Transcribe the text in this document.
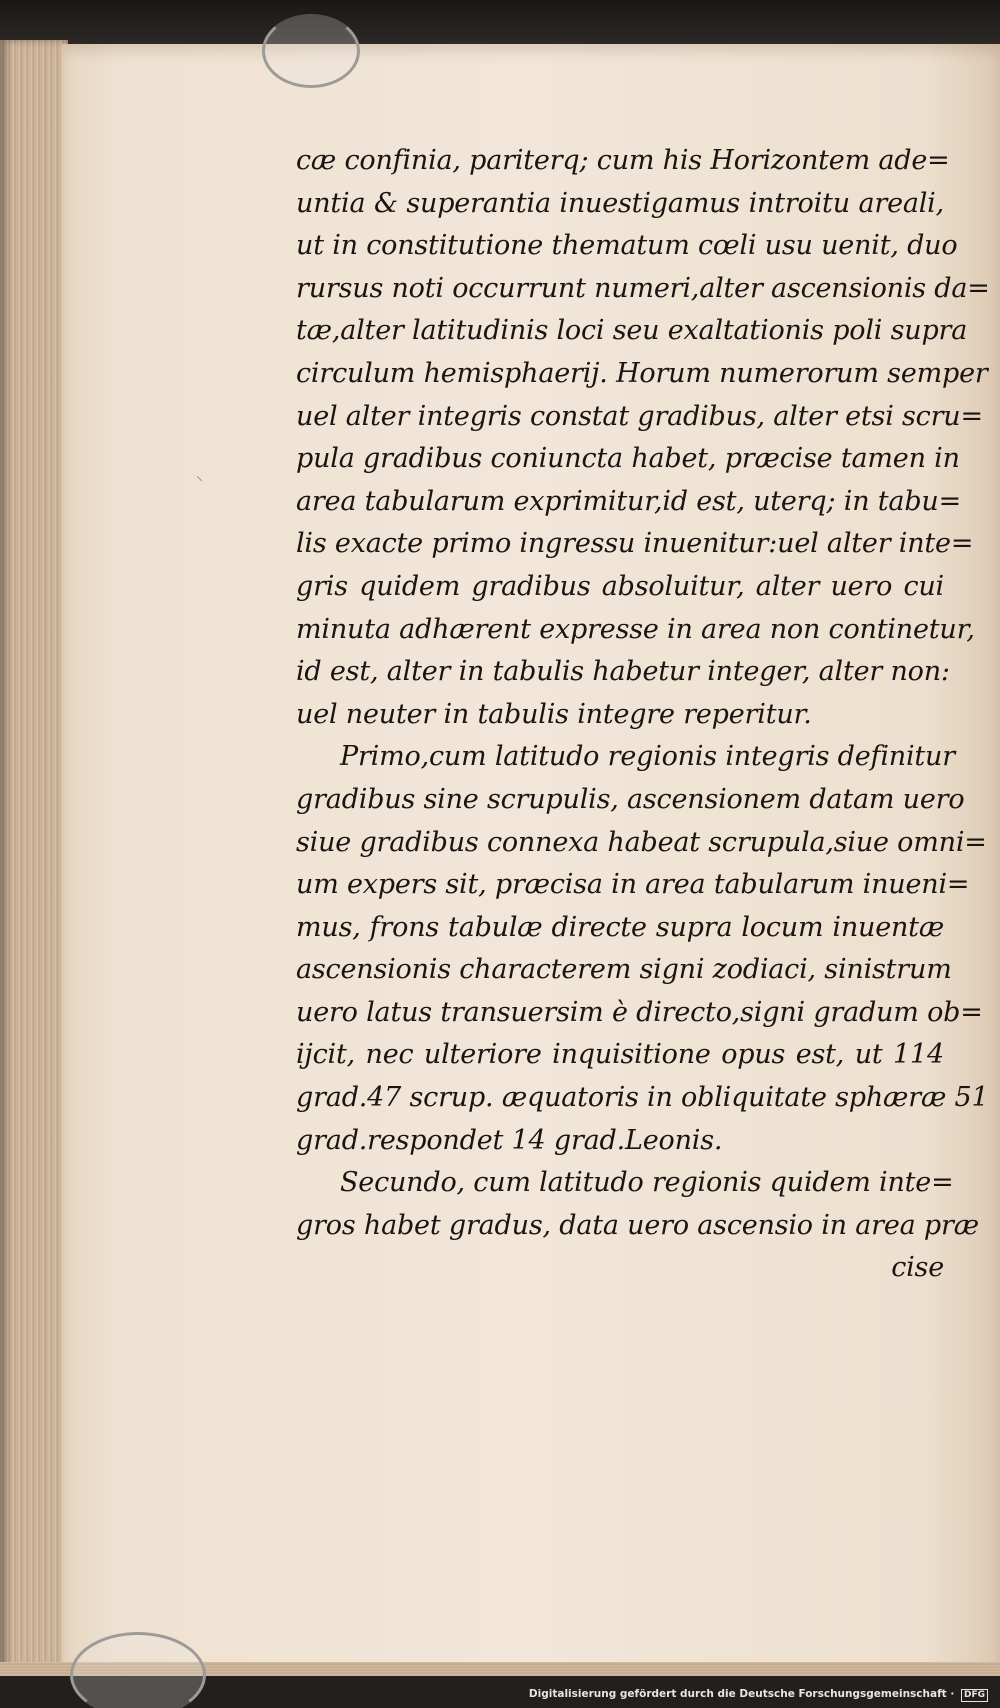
⸌
cæ confinia, pariterq; cum his Horizontem ade=
untia & superantia inuestigamus introitu areali,
ut in constitutione thematum cœli usu uenit, duo
rursus noti occurrunt numeri,alter ascensionis da=
tæ,alter latitudinis loci seu exaltationis poli supra
circulum hemisphaerij. Horum numerorum semper
uel alter integris constat gradibus, alter etsi scru=
pula gradibus coniuncta habet, præcise tamen in
area tabularum exprimitur,id est, uterq; in tabu=
lis exacte primo ingressu inuenitur:uel alter inte=
gris quidem gradibus absoluitur, alter uero cui
minuta adhærent expresse in area non continetur,
id est, alter in tabulis habetur integer, alter non:
uel neuter in tabulis integre reperitur.
Primo,cum latitudo regionis integris definitur
gradibus sine scrupulis, ascensionem datam uero
siue gradibus connexa habeat scrupula,siue omni=
um expers sit, præcisa in area tabularum inueni=
mus, frons tabulæ directe supra locum inuentæ
ascensionis characterem signi zodiaci, sinistrum
uero latus transuersim è directo,signi gradum ob=
ijcit, nec ulteriore inquisitione opus est, ut 114
grad.47 scrup. æquatoris in obliquitate sphæræ 51
grad.respondet 14 grad.Leonis.
Secundo, cum latitudo regionis quidem inte=
gros habet gradus, data uero ascensio in area præ
cise
Digitalisierung gefördert durch die Deutsche Forschungsgemeinschaft · DFG
